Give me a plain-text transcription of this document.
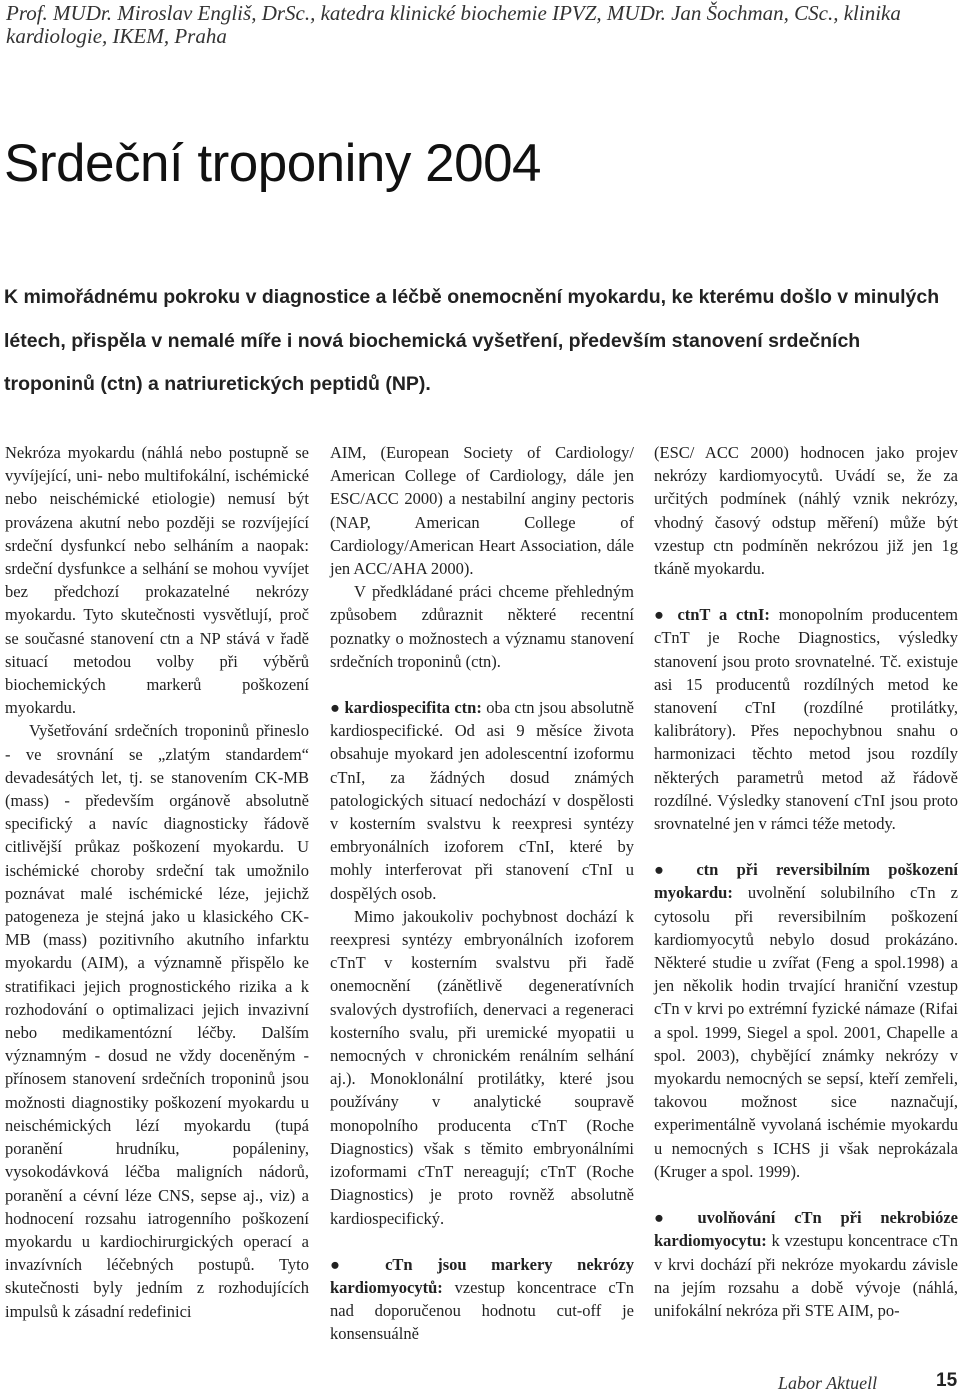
Prof. MUDr. Miroslav Engliš, DrSc., katedra klinické biochemie IPVZ, MUDr. Jan Šochman, CSc., klinika kardiologie, IKEM, Praha
Srdeční troponiny 2004

K mimořádnému pokroku v diagnostice a léčbě onemocnění myokardu, ke kterému došlo v minulých létech, přispěla v nemalé míře i nová biochemická vyšetření, především stanovení srdečních troponinů (ctn) a natriuretických peptidů (NP).

Nekróza myokardu (náhlá nebo postupně se vyvíjející, uni- nebo multifokální, ischémické nebo neischémické etiologie) nemusí být provázena akutní nebo později se rozvíjející srdeční dysfunkcí nebo selháním a naopak: srdeční dysfunkce a selhání se mohou vyvíjet bez předchozí prokazatelné nekrózy myokardu. Tyto skutečnosti vysvětlují, proč se současné stanovení ctn a NP stává v řadě situací metodou volby při výběrů biochemických markerů poškození myokardu.

Vyšetřování srdečních troponinů přineslo - ve srovnání se „zlatým standardem“ devadesátých let, tj. se stanovením CK-MB (mass) - především orgánově absolutně specifický a navíc diagnosticky řádově citlivější průkaz poškození myokardu. U ischémické choroby srdeční tak umožnilo poznávat malé ischémické léze, jejichž patogeneza je stejná jako u klasického CK-MB (mass) pozitivního akutního infarktu myokardu (AIM), a významně přispělo ke stratifikaci jejich prognostického rizika a k rozhodování o optimalizaci jejich invazivní nebo medikamentózní léčby. Dalším významným - dosud ne vždy doceněným - přínosem stanovení srdečních troponinů jsou možnosti diagnostiky poškození myokardu u neischémických lézí myokardu (tupá poranění hrudníku, popáleniny, vysokodávková léčba maligních nádorů, poranění a cévní léze CNS, sepse aj., viz) a hodnocení rozsahu iatrogenního poškození myokardu u kardiochirurgických operací a invazívních léčebných postupů. Tyto skutečnosti byly jedním z rozhodujících impulsů k zásadní redefinici

AIM, (European Society of Cardiology/ American College of Cardiology, dále jen ESC/ACC 2000) a nestabilní anginy pectoris (NAP, American College of Cardiology/American Heart Association, dále jen ACC/AHA 2000).

V předkládané práci chceme přehledným způsobem zdůraznit některé recentní poznatky o možnostech a významu stanovení srdečních troponinů (ctn).

● kardiospecifita ctn: oba ctn jsou absolutně kardiospecifické. Od asi 9 měsíce života obsahuje myokard jen adolescentní izoformu cTnI, za žádných dosud známých patologických situací nedochází v dospělosti v kosterním svalstvu k reexpresi syntézy embryonálních izoforem cTnI, které by mohly interferovat při stanovení cTnI u dospělých osob.

Mimo jakoukoliv pochybnost dochází k reexpresi syntézy embryonálních izoforem cTnT v kosterním svalstvu při řadě onemocnění (zánětlivě degeneratívních svalových dystrofiích, denervaci a regeneraci kosterního svalu, při uremické myopatii u nemocných v chronickém renálním selhání aj.). Monoklonální protilátky, které jsou používány v analytické soupravě monopolního producenta cTnT (Roche Diagnostics) však s těmito embryonálními izoformami cTnT nereagují; cTnT (Roche Diagnostics) je proto rovněž absolutně kardiospecifický.

● cTn jsou markery nekrózy kardiomyocytů: vzestup koncentrace cTn nad doporučenou hodnotu cut-off je konsensuálně

(ESC/ ACC 2000) hodnocen jako projev nekrózy kardiomyocytů. Uvádí se, že za určitých podmínek (náhlý vznik nekrózy, vhodný časový odstup měření) může být vzestup ctn podmíněn nekrózou již jen 1g tkáně myokardu.

● ctnT a ctnI: monopolním producentem cTnT je Roche Diagnostics, výsledky stanovení jsou proto srovnatelné. Tč. existuje asi 15 producentů rozdílných metod ke stanovení cTnI (rozdílné protilátky, kalibrátory). Přes nepochybnou snahu o harmonizaci těchto metod jsou rozdíly některých parametrů metod až řádově rozdílné. Výsledky stanovení cTnI jsou proto srovnatelné jen v rámci téže metody.

● ctn při reversibilním poškození myokardu: uvolnění solubilního cTn z cytosolu při reversibilním poškození kardiomyocytů nebylo dosud prokázáno. Některé studie u zvířat (Feng a spol.1998) a jen několik hodin trvající hraniční vzestup cTn v krvi po extrémní fyzické námaze (Rifai a spol. 1999, Siegel a spol. 2001, Chapelle a spol. 2003), chybějící známky nekrózy v myokardu nemocných se sepsí, kteří zemřeli, takovou možnost sice naznačují, experimentálně vyvolaná ischémie myokardu u nemocných s ICHS ji však neprokázala (Kruger a spol. 1999).

● uvolňování cTn při nekrobióze kardiomyocytu: k vzestupu koncentrace cTn v krvi dochází při nekróze myokardu závisle na jejím rozsahu a době vývoje (náhlá, unifokální nekróza při STE AIM, po-

Labor Aktuell	15
